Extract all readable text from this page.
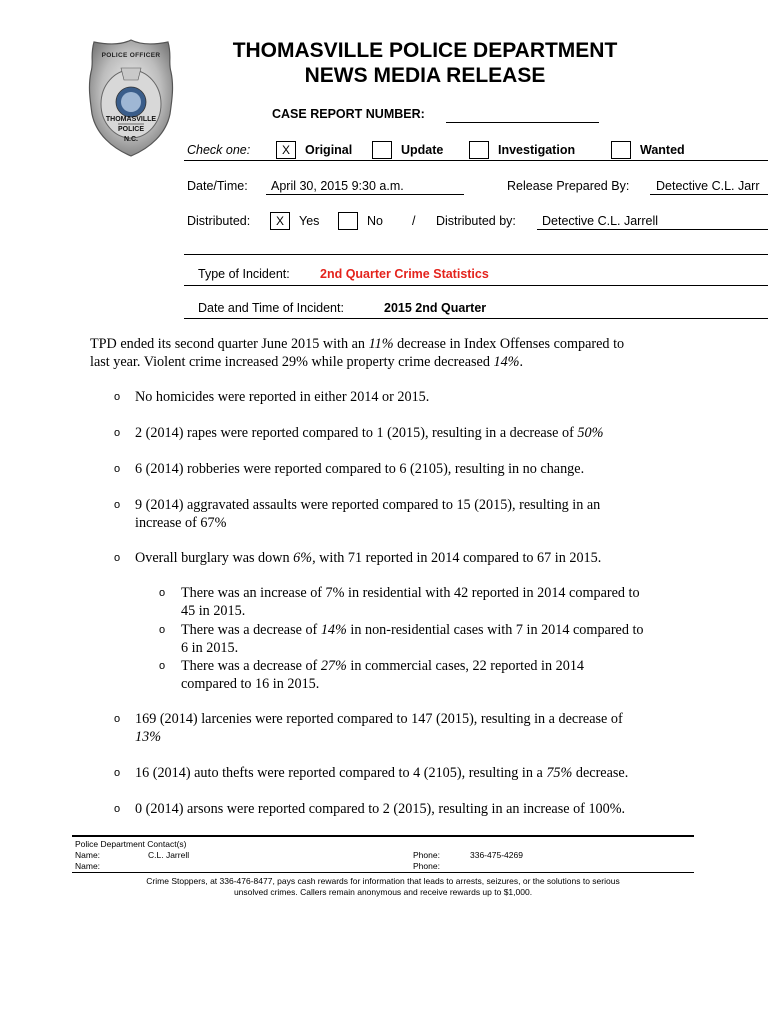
POLICE OFFICER
THOMASVILLE
POLICE
N.C.
THOMASVILLE POLICE DEPARTMENT
NEWS MEDIA RELEASE
CASE REPORT NUMBER:
Check one:	X	Original	Update	Investigation	Wanted
Date/Time: April 30, 2015 9:30 a.m.	Release Prepared By: Detective C.L. Jarr
Distributed:	X	Yes	No / Distributed by: Detective C.L. Jarrell
Type of Incident: 2nd Quarter Crime Statistics
Date and Time of Incident:	2015 2nd Quarter
TPD ended its second quarter June 2015 with an 11% decrease in Index Offenses compared to
last year. Violent crime increased 29% while property crime decreased 14%.
o No homicides were reported in either 2014 or 2015.
o 2 (2014) rapes were reported compared to 1 (2015), resulting in a decrease of 50%
o 6 (2014) robberies were reported compared to 6 (2105), resulting in no change.
o 9 (2014) aggravated assaults were reported compared to 15 (2015), resulting in an
increase of 67%
o Overall burglary was down 6%, with 71 reported in 2014 compared to 67 in 2015.
o There was an increase of 7% in residential with 42 reported in 2014 compared to
45 in 2015.
o There was a decrease of 14% in non-residential cases with 7 in 2014 compared to
6 in 2015.
o There was a decrease of 27% in commercial cases, 22 reported in 2014
compared to 16 in 2015.
o 169 (2014) larcenies were reported compared to 147 (2015), resulting in a decrease of
13%
o 16 (2014) auto thefts were reported compared to 4 (2105), resulting in a 75% decrease.
o 0 (2014) arsons were reported compared to 2 (2015), resulting in an increase of 100%.
Police Department Contact(s)
Name:	C.L. Jarrell	Phone:	336-475-4269
Name:	Phone:
Crime Stoppers, at 336-476-8477, pays cash rewards for information that leads to arrests, seizures, or the solutions to serious
unsolved crimes. Callers remain anonymous and receive rewards up to $1,000.
